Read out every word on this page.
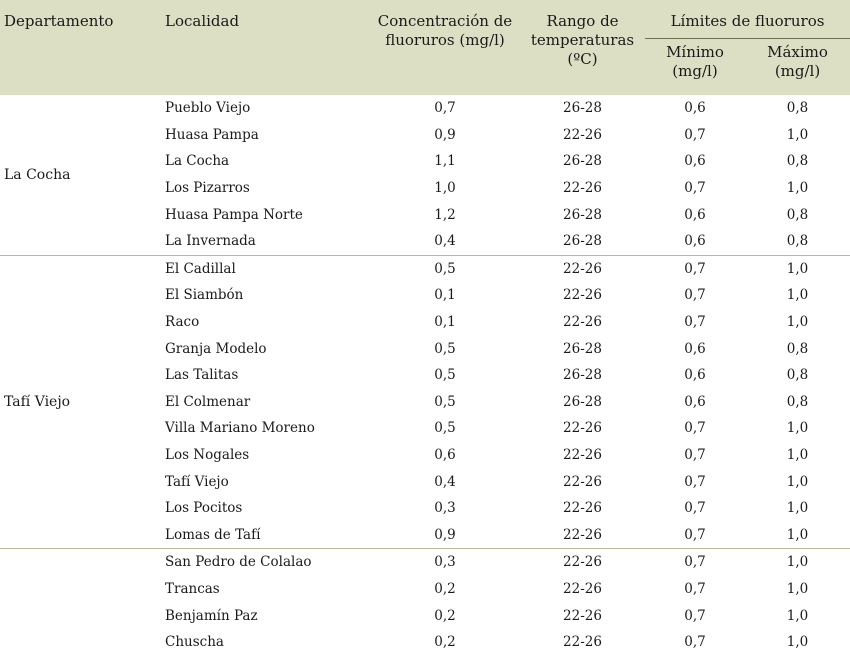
Departamento	Localidad	Concentración de fluoruros (mg/l)	Rango de temperaturas (ºC)	Límites de fluoruros	
				Mínimo (mg/l)	Máximo (mg/l)
La Cocha	Pueblo Viejo	0,7	26-28	0,6	0,8
	Huasa Pampa	0,9	22-26	0,7	1,0
	La Cocha	1,1	26-28	0,6	0,8
	Los Pizarros	1,0	22-26	0,7	1,0
	Huasa Pampa Norte	1,2	26-28	0,6	0,8
	La Invernada	0,4	26-28	0,6	0,8
Tafí Viejo	El Cadillal	0,5	22-26	0,7	1,0
	El Siambón	0,1	22-26	0,7	1,0
	Raco	0,1	22-26	0,7	1,0
	Granja Modelo	0,5	26-28	0,6	0,8
	Las Talitas	0,5	26-28	0,6	0,8
	El Colmenar	0,5	26-28	0,6	0,8
	Villa Mariano Moreno	0,5	22-26	0,7	1,0
	Los Nogales	0,6	22-26	0,7	1,0
	Tafí Viejo	0,4	22-26	0,7	1,0
	Los Pocitos	0,3	22-26	0,7	1,0
	Lomas de Tafí	0,9	22-26	0,7	1,0
	San Pedro de Colalao	0,3	22-26	0,7	1,0
	Trancas	0,2	22-26	0,7	1,0
	Benjamín Paz	0,2	22-26	0,7	1,0
	Chuscha	0,2	22-26	0,7	1,0
